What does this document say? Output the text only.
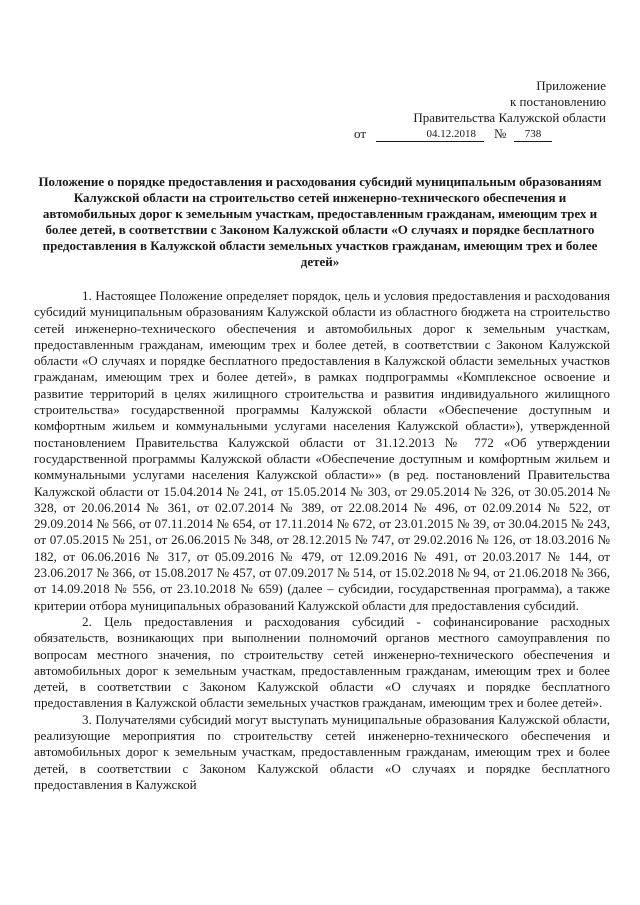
Приложение
к постановлению
Правительства Калужской области
от	04.12.2018	№	738
Положение о порядке предоставления и расходования субсидий муниципальным образованиям Калужской области на строительство сетей инженерно-технического обеспечения и автомобильных дорог к земельным участкам, предоставленным гражданам, имеющим трех и более детей, в соответствии с Законом Калужской области «О случаях и порядке бесплатного предоставления в Калужской области земельных участков гражданам, имеющим трех и более детей»

1. Настоящее Положение определяет порядок, цель и условия предоставления и расходования субсидий муниципальным образованиям Калужской области из областного бюджета на строительство сетей инженерно-технического обеспечения и автомобильных дорог к земельным участкам, предоставленным гражданам, имеющим трех и более детей, в соответствии с Законом Калужской области «О случаях и порядке бесплатного предоставления в Калужской области земельных участков гражданам, имеющим трех и более детей», в рамках подпрограммы «Комплексное освоение и развитие территорий в целях жилищного строительства и развития индивидуального жилищного строительства» государственной программы Калужской области «Обеспечение доступным и комфортным жильем и коммунальными услугами населения Калужской области»), утвержденной постановлением Правительства Калужской области от 31.12.2013 № 772 «Об утверждении государственной программы Калужской области «Обеспечение доступным и комфортным жильем и коммунальными услугами населения Калужской области»» (в ред. постановлений Правительства Калужской области от 15.04.2014 № 241, от 15.05.2014 № 303, от 29.05.2014 № 326, от 30.05.2014 № 328, от 20.06.2014 № 361, от 02.07.2014 № 389, от 22.08.2014 № 496, от 02.09.2014 № 522, от 29.09.2014 № 566, от 07.11.2014 № 654, от 17.11.2014 № 672, от 23.01.2015 № 39, от 30.04.2015 № 243, от 07.05.2015 № 251, от 26.06.2015 № 348, от 28.12.2015 № 747, от 29.02.2016 № 126, от 18.03.2016 № 182, от 06.06.2016 № 317, от 05.09.2016 № 479, от 12.09.2016 № 491, от 20.03.2017 № 144, от 23.06.2017 № 366, от 15.08.2017 № 457, от 07.09.2017 № 514, от 15.02.2018 № 94, от 21.06.2018 № 366, от 14.09.2018 № 556, от 23.10.2018 № 659) (далее – субсидии, государственная программа), а также критерии отбора муниципальных образований Калужской области для предоставления субсидий.

2. Цель предоставления и расходования субсидий - софинансирование расходных обязательств, возникающих при выполнении полномочий органов местного самоуправления по вопросам местного значения, по строительству сетей инженерно-технического обеспечения и автомобильных дорог к земельным участкам, предоставленным гражданам, имеющим трех и более детей, в соответствии с Законом Калужской области «О случаях и порядке бесплатного предоставления в Калужской области земельных участков гражданам, имеющим трех и более детей».

3. Получателями субсидий могут выступать муниципальные образования Калужской области, реализующие мероприятия по строительству сетей инженерно-технического обеспечения и автомобильных дорог к земельным участкам, предоставленным гражданам, имеющим трех и более детей, в соответствии с Законом Калужской области «О случаях и порядке бесплатного предоставления в Калужской
